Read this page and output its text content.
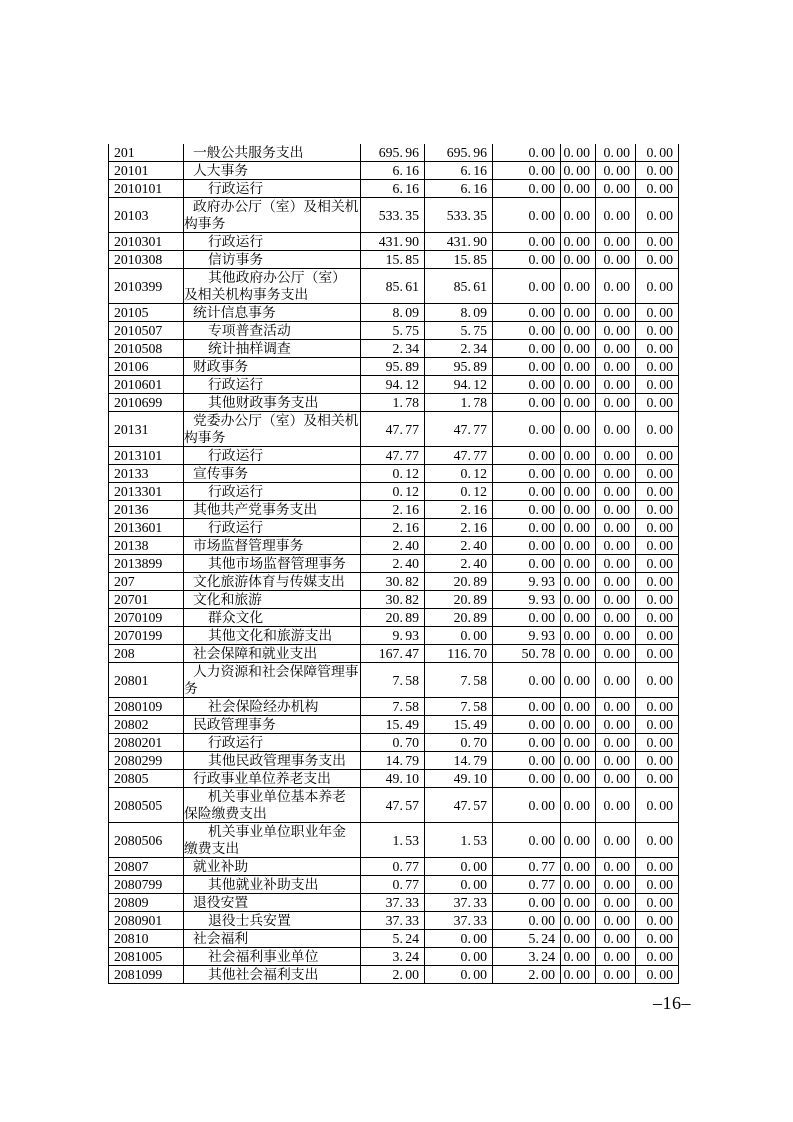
201	一般公共服务支出	695. 96	695. 96	0. 00	0. 00	0. 00	0. 00
20101	人大事务	6. 16	6. 16	0. 00	0. 00	0. 00	0. 00
2010101	行政运行	6. 16	6. 16	0. 00	0. 00	0. 00	0. 00
20103	政府办公厅（室）及相关机构事务	533. 35	533. 35	0. 00	0. 00	0. 00	0. 00
2010301	行政运行	431. 90	431. 90	0. 00	0. 00	0. 00	0. 00
2010308	信访事务	15. 85	15. 85	0. 00	0. 00	0. 00	0. 00
2010399	其他政府办公厅（室）及相关机构事务支出	85. 61	85. 61	0. 00	0. 00	0. 00	0. 00
20105	统计信息事务	8. 09	8. 09	0. 00	0. 00	0. 00	0. 00
2010507	专项普查活动	5. 75	5. 75	0. 00	0. 00	0. 00	0. 00
2010508	统计抽样调查	2. 34	2. 34	0. 00	0. 00	0. 00	0. 00
20106	财政事务	95. 89	95. 89	0. 00	0. 00	0. 00	0. 00
2010601	行政运行	94. 12	94. 12	0. 00	0. 00	0. 00	0. 00
2010699	其他财政事务支出	1. 78	1. 78	0. 00	0. 00	0. 00	0. 00
20131	党委办公厅（室）及相关机构事务	47. 77	47. 77	0. 00	0. 00	0. 00	0. 00
2013101	行政运行	47. 77	47. 77	0. 00	0. 00	0. 00	0. 00
20133	宣传事务	0. 12	0. 12	0. 00	0. 00	0. 00	0. 00
2013301	行政运行	0. 12	0. 12	0. 00	0. 00	0. 00	0. 00
20136	其他共产党事务支出	2. 16	2. 16	0. 00	0. 00	0. 00	0. 00
2013601	行政运行	2. 16	2. 16	0. 00	0. 00	0. 00	0. 00
20138	市场监督管理事务	2. 40	2. 40	0. 00	0. 00	0. 00	0. 00
2013899	其他市场监督管理事务	2. 40	2. 40	0. 00	0. 00	0. 00	0. 00
207	文化旅游体育与传媒支出	30. 82	20. 89	9. 93	0. 00	0. 00	0. 00
20701	文化和旅游	30. 82	20. 89	9. 93	0. 00	0. 00	0. 00
2070109	群众文化	20. 89	20. 89	0. 00	0. 00	0. 00	0. 00
2070199	其他文化和旅游支出	9. 93	0. 00	9. 93	0. 00	0. 00	0. 00
208	社会保障和就业支出	167. 47	116. 70	50. 78	0. 00	0. 00	0. 00
20801	人力资源和社会保障管理事务	7. 58	7. 58	0. 00	0. 00	0. 00	0. 00
2080109	社会保险经办机构	7. 58	7. 58	0. 00	0. 00	0. 00	0. 00
20802	民政管理事务	15. 49	15. 49	0. 00	0. 00	0. 00	0. 00
2080201	行政运行	0. 70	0. 70	0. 00	0. 00	0. 00	0. 00
2080299	其他民政管理事务支出	14. 79	14. 79	0. 00	0. 00	0. 00	0. 00
20805	行政事业单位养老支出	49. 10	49. 10	0. 00	0. 00	0. 00	0. 00
2080505	机关事业单位基本养老保险缴费支出	47. 57	47. 57	0. 00	0. 00	0. 00	0. 00
2080506	机关事业单位职业年金缴费支出	1. 53	1. 53	0. 00	0. 00	0. 00	0. 00
20807	就业补助	0. 77	0. 00	0. 77	0. 00	0. 00	0. 00
2080799	其他就业补助支出	0. 77	0. 00	0. 77	0. 00	0. 00	0. 00
20809	退役安置	37. 33	37. 33	0. 00	0. 00	0. 00	0. 00
2080901	退役士兵安置	37. 33	37. 33	0. 00	0. 00	0. 00	0. 00
20810	社会福利	5. 24	0. 00	5. 24	0. 00	0. 00	0. 00
2081005	社会福利事业单位	3. 24	0. 00	3. 24	0. 00	0. 00	0. 00
2081099	其他社会福利支出	2. 00	0. 00	2. 00	0. 00	0. 00	0. 00
–16–
